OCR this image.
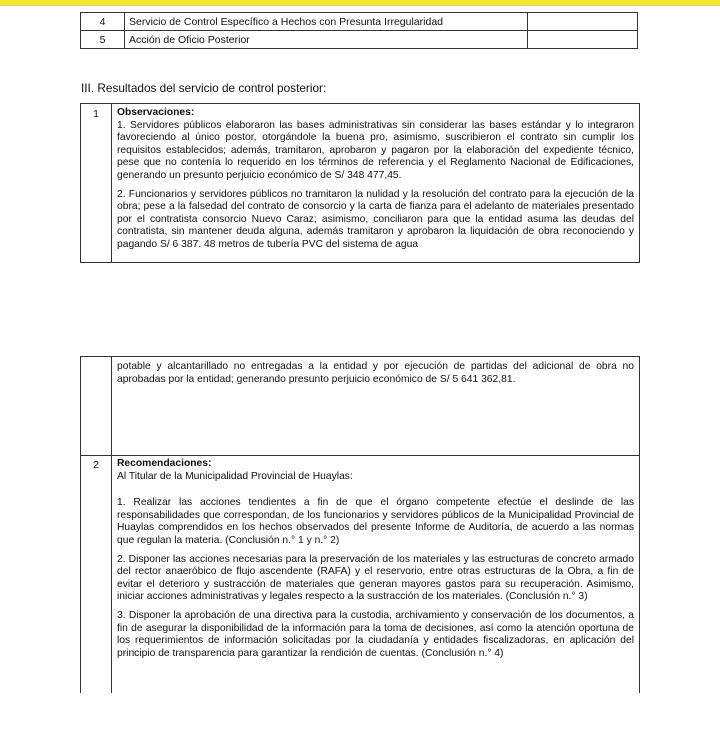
4	Servicio de Control Específico a Hechos con Presunta Irregularidad	
5	Acción de Oficio Posterior	
III. Resultados del servicio de control posterior:
1	Observaciones:

1. Servidores públicos elaboraron las bases administrativas sin considerar las bases estándar y lo integraron favoreciendo al único postor, otorgándole la buena pro, asimismo, suscribieron el contrato sin cumplir los requisitos establecidos; además, tramitaron, aprobaron y pagaron por la elaboración del expediente técnico, pese que no contenía lo requerido en los términos de referencia y el Reglamento Nacional de Edificaciones, generando un presunto perjuicio económico de S/ 348 477,45.

2. Funcionarios y servidores públicos no tramitaron la nulidad y la resolución del contrato para la ejecución de la obra; pese a la falsedad del contrato de consorcio y la carta de fianza para el adelanto de materiales presentado por el contratista consorcio Nuevo Caraz; asimismo, conciliaron para que la entidad asuma las deudas del contratista, sin mantener deuda alguna, además tramitaron y aprobaron la liquidación de obra reconociendo y pagando S/ 6 387. 48 metros de tubería PVC del sistema de agua

potable y alcantarillado no entregadas a la entidad y por ejecución de partidas del adicional de obra no aprobadas por la entidad; generando presunto perjuicio económico de S/ 5 641 362,81.
2	Recomendaciones:

Al Titular de la Municipalidad Provincial de Huaylas:

1. Realizar las acciones tendientes a fin de que el órgano competente efectúe el deslinde de las responsabilidades que correspondan, de los funcionarios y servidores públicos de la Municipalidad Provincial de Huaylas comprendidos en los hechos observados del presente Informe de Auditoría, de acuerdo a las normas que regulan la materia. (Conclusión n.° 1 y n.° 2)

2. Disponer las acciones necesarias para la preservación de los materiales y las estructuras de concreto armado del rector anaeróbico de flujo ascendente (RAFA) y el reservorio, entre otras estructuras de la Obra, a fin de evitar el deterioro y sustracción de materiales que generan mayores gastos para su recuperación. Asimismo, iniciar acciones administrativas y legales respecto a la sustracción de los materiales. (Conclusión n.° 3)

3. Disponer la aprobación de una directiva para la custodia, archivamiento y conservación de los documentos, a fin de asegurar la disponibilidad de la información para la toma de decisiones, así como la atención oportuna de los requerimientos de información solicitadas por la ciudadanía y entidades fiscalizadoras, en aplicación del principio de transparencia para garantizar la rendición de cuentas. (Conclusión n.° 4)
